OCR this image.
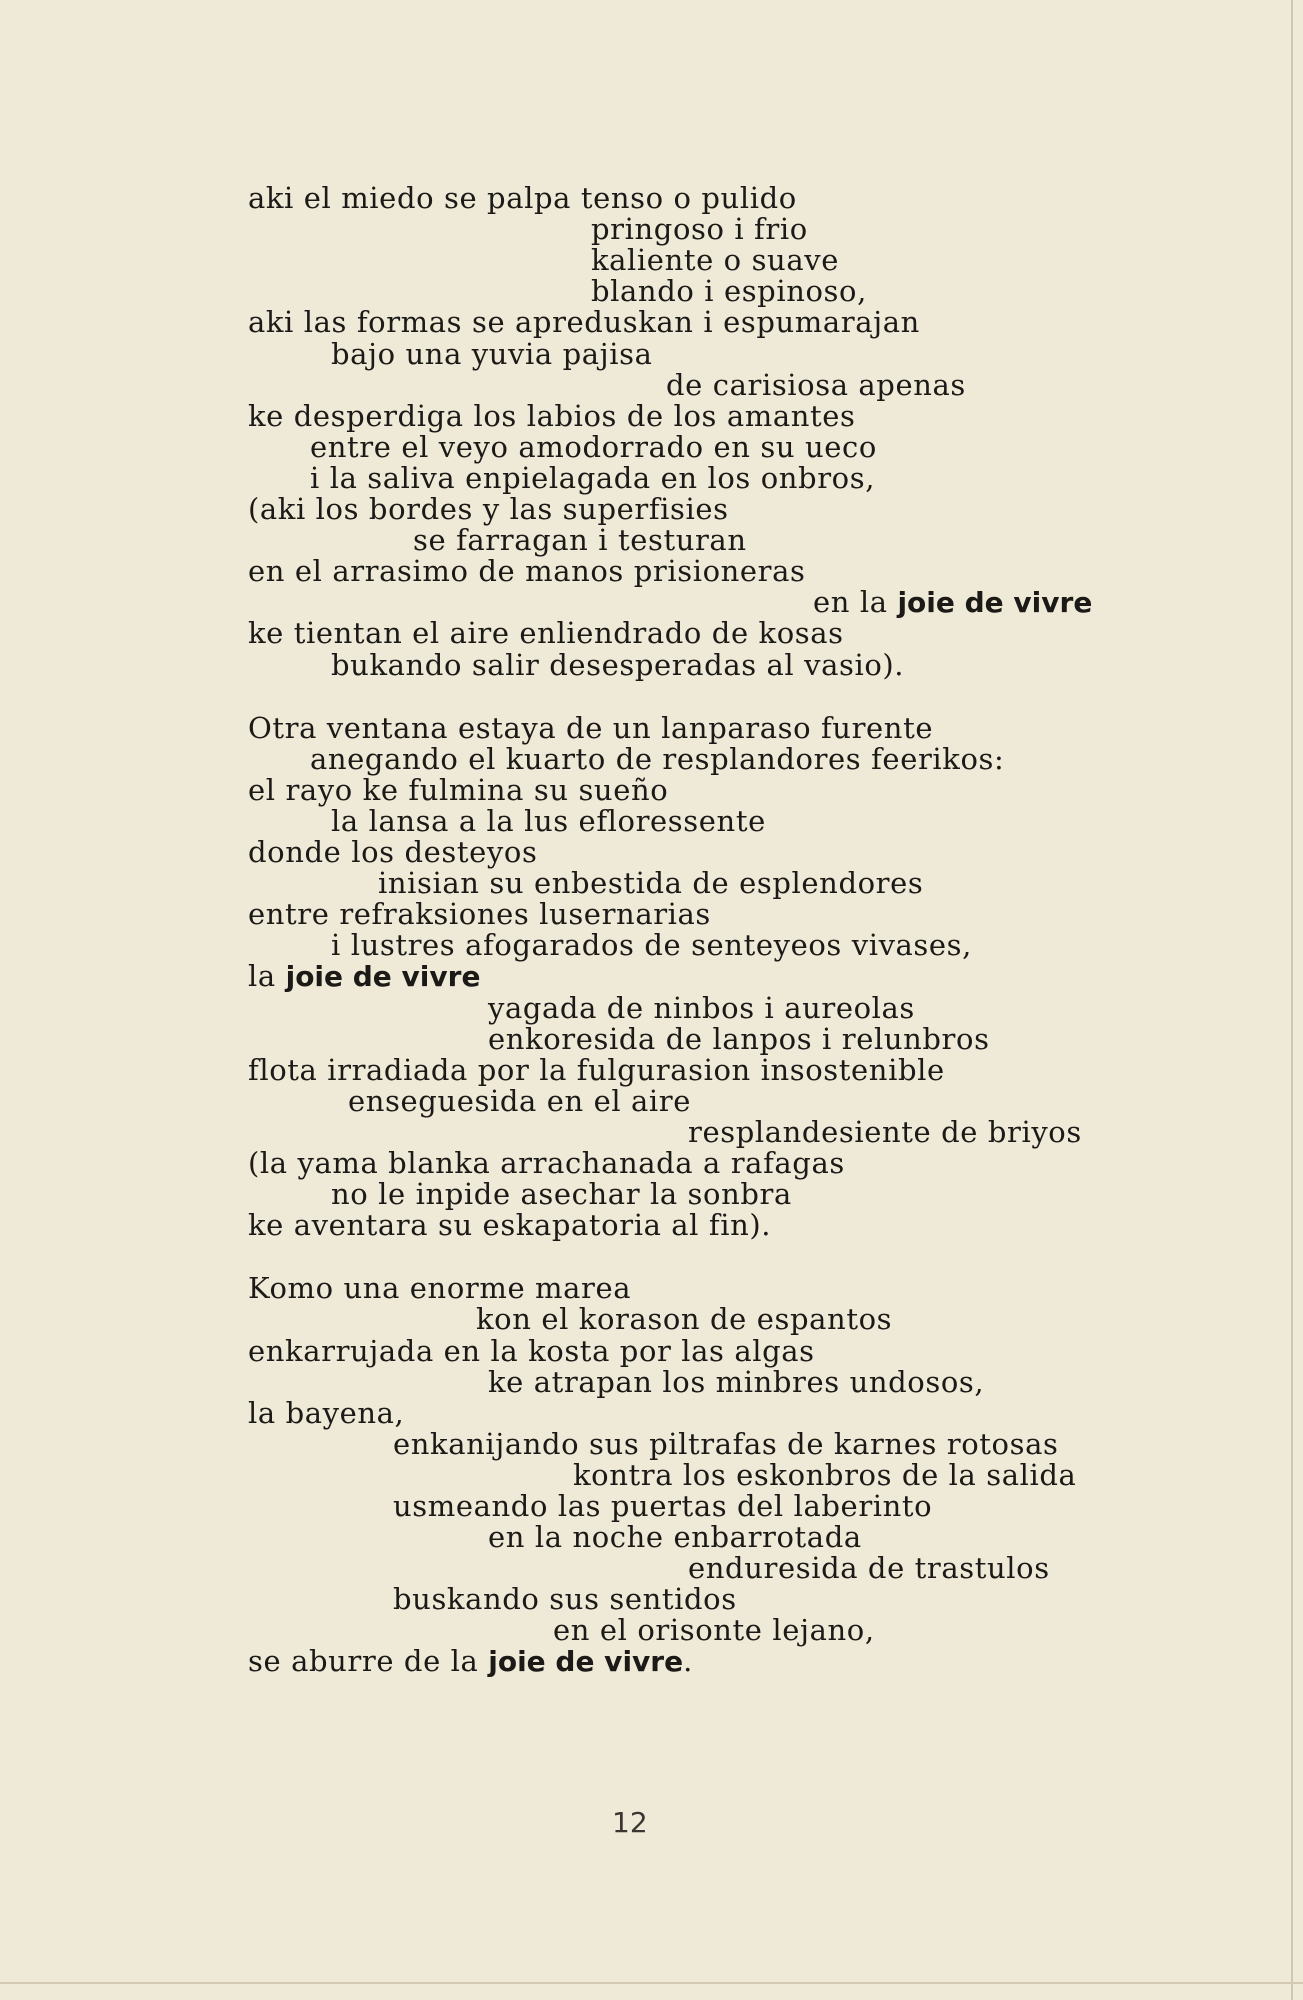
aki el miedo se palpa tenso o pulido
pringoso i frio
kaliente o suave
blando i espinoso,
aki las formas se apreduskan i espumarajan
bajo una yuvia pajisa
de carisiosa apenas
ke desperdiga los labios de los amantes
entre el veyo amodorrado en su ueco
i la saliva enpielagada en los onbros,
(aki los bordes y las superfisies
se farragan i testuran
en el arrasimo de manos prisioneras
en la joie de vivre
ke tientan el aire enliendrado de kosas
bukando salir desesperadas al vasio).
Otra ventana estaya de un lanparaso furente
anegando el kuarto de resplandores feerikos:
el rayo ke fulmina su sueño
la lansa a la lus efloressente
donde los desteyos
inisian su enbestida de esplendores
entre refraksiones lusernarias
i lustres afogarados de senteyeos vivases,
la joie de vivre
yagada de ninbos i aureolas
enkoresida de lanpos i relunbros
flota irradiada por la fulgurasion insostenible
enseguesida en el aire
resplandesiente de briyos
(la yama blanka arrachanada a rafagas
no le inpide asechar la sonbra
ke aventara su eskapatoria al fin).
Komo una enorme marea
kon el korason de espantos
enkarrujada en la kosta por las algas
ke atrapan los minbres undosos,
la bayena,
enkanijando sus piltrafas de karnes rotosas
kontra los eskonbros de la salida
usmeando las puertas del laberinto
en la noche enbarrotada
enduresida de trastulos
buskando sus sentidos
en el orisonte lejano,
se aburre de la joie de vivre.
12
